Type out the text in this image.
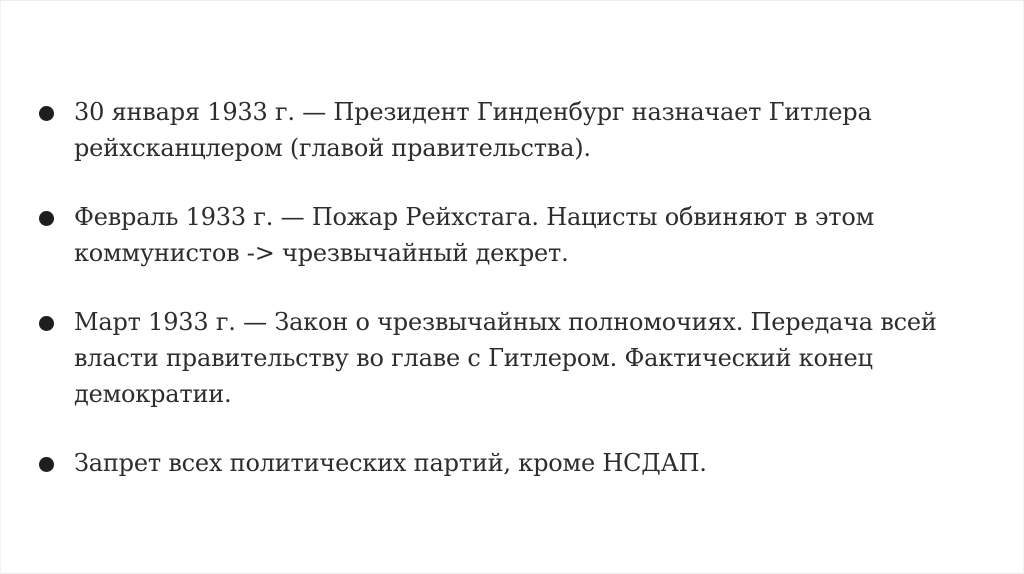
30 января 1933 г. — Президент Гинденбург назначает Гитлера рейхсканцлером (главой правительства).
Февраль 1933 г. — Пожар Рейхстага. Нацисты обвиняют в этом коммунистов -> чрезвычайный декрет.
Март 1933 г. — Закон о чрезвычайных полномочиях. Передача всей власти правительству во главе с Гитлером. Фактический конец демократии.
Запрет всех политических партий, кроме НСДАП.
